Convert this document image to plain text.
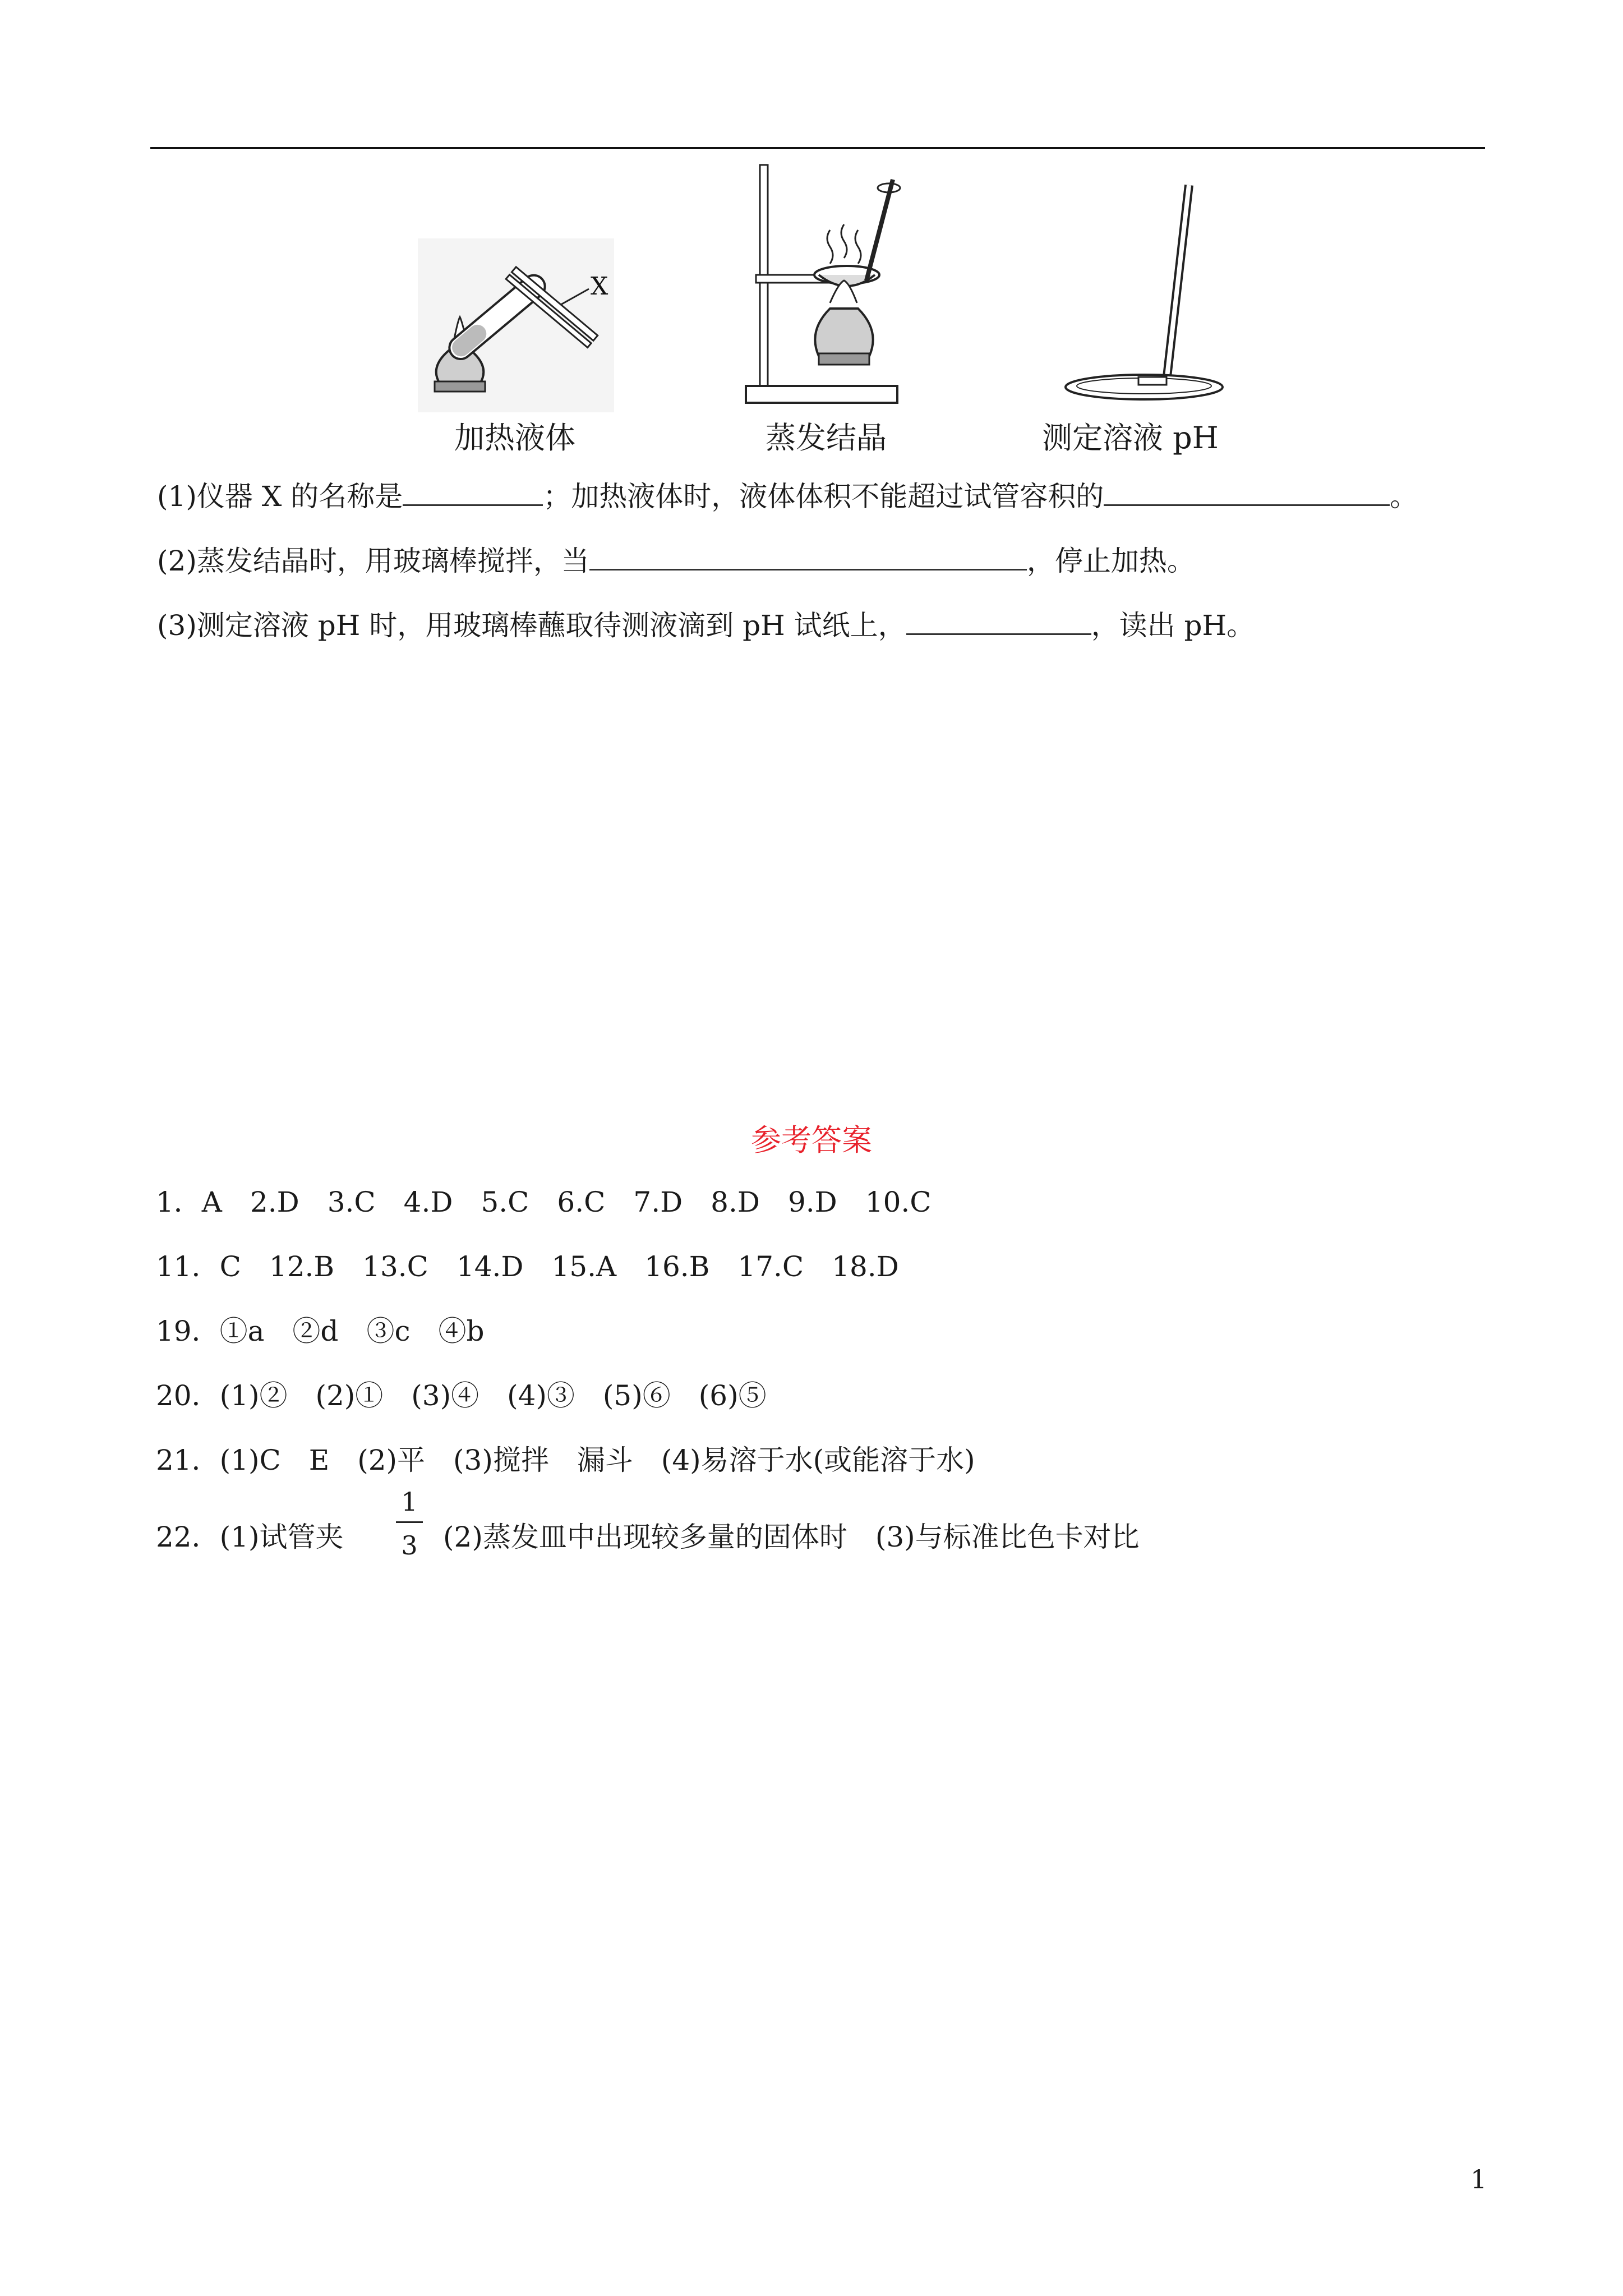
X
加热液体	蒸发结晶	测定溶液 pH
(1)仪器 X 的名称是	；加热液体时，液体体积不能超过试管容积的	。
(2)蒸发结晶时，用玻璃棒搅拌，当	，停止加热。
(3)测定溶液 pH 时，用玻璃棒蘸取待测液滴到 pH 试纸上，	，读出 pH。
参考答案
1．A　2.D　3.C　4.D　5.C　6.C　7.D　8.D　9.D　10.C
11．C　12.B　13.C　14.D　15.A　16.B　17.C　18.D
19．①a　②d　③c　④b
20．(1)②　(2)①　(3)④　(4)③　(5)⑥　(6)⑤
21．(1)C　E　(2)平　(3)搅拌　漏斗　(4)易溶于水(或能溶于水)
22．(1)试管夹
1
3 (2)蒸发皿中出现较多量的固体时　(3)与标准比色卡对比
1
